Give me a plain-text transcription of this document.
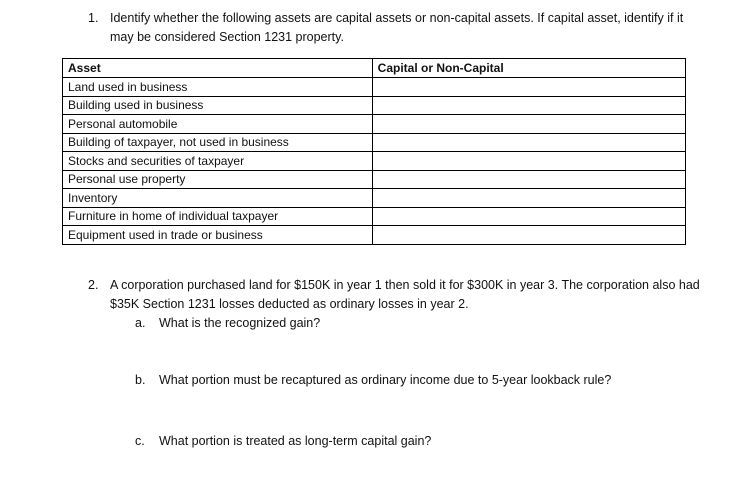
1. Identify whether the following assets are capital assets or non-capital assets. If capital asset, identify if it may be considered Section 1231 property.
Asset	Capital or Non-Capital
Land used in business	
Building used in business	
Personal automobile	
Building of taxpayer, not used in business	
Stocks and securities of taxpayer	
Personal use property	
Inventory	
Furniture in home of individual taxpayer	
Equipment used in trade or business	
2. A corporation purchased land for $150K in year 1 then sold it for $300K in year 3. The corporation also had $35K Section 1231 losses deducted as ordinary losses in year 2.
a. What is the recognized gain?
b. What portion must be recaptured as ordinary income due to 5-year lookback rule?
c. What portion is treated as long-term capital gain?
